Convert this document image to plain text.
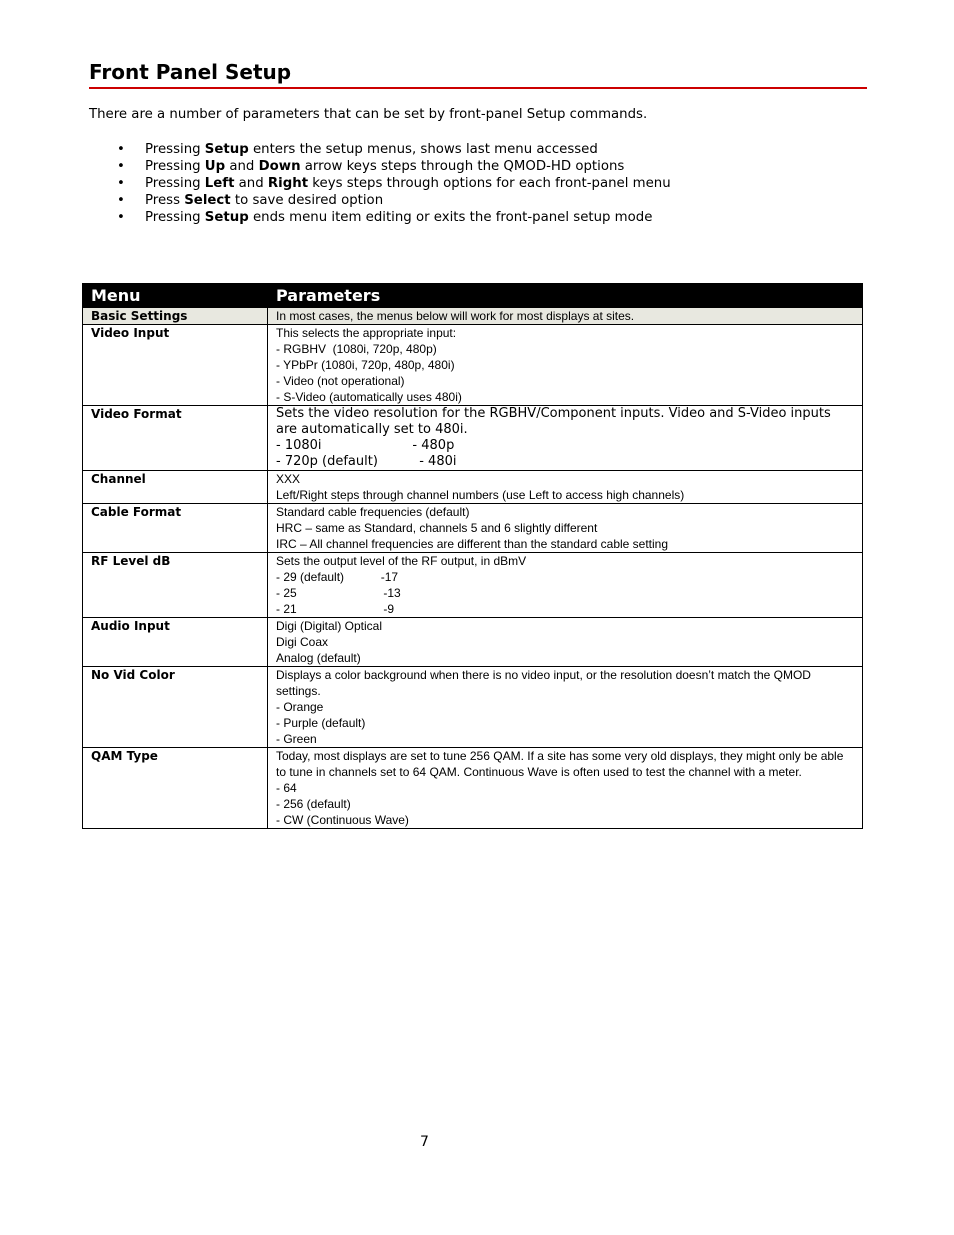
Front Panel Setup

There are a number of parameters that can be set by front-panel Setup commands.

• Pressing Setup enters the setup menus, shows last menu accessed
• Pressing Up and Down arrow keys steps through the QMOD-HD options
• Pressing Left and Right keys steps through options for each front-panel menu
• Press Select to save desired option
• Pressing Setup ends menu item editing or exits the front-panel setup mode
Menu	Parameters
Basic Settings	In most cases, the menus below will work for most displays at sites.
Video Input	This selects the appropriate input:
- RGBHV  (1080i, 720p, 480p)
- YPbPr (1080i, 720p, 480p, 480i)
- Video (not operational)
- S-Video (automatically uses 480i)

Video Format	Sets the video resolution for the RGBHV/Component inputs. Video and S-Video inputs are automatically set to 480i.
- 1080i                      - 480p
- 720p (default)          - 480i

Channel	XXX
Left/Right steps through channel numbers (use Left to access high channels)

Cable Format	Standard cable frequencies (default)
HRC – same as Standard, channels 5 and 6 slightly different
IRC – All channel frequencies are different than the standard cable setting

RF Level dB	Sets the output level of the RF output, in dBmV
- 29 (default)           -17
- 25                          -13
- 21                          -9

Audio Input	Digi (Digital) Optical
Digi Coax
Analog (default)

No Vid Color	Displays a color background when there is no video input, or the resolution doesn’t match the QMOD settings.
- Orange
- Purple (default)
- Green

QAM Type	Today, most displays are set to tune 256 QAM. If a site has some very old displays, they might only be able to tune in channels set to 64 QAM. Continuous Wave is often used to test the channel with a meter.
- 64
- 256 (default)
- CW (Continuous Wave)
7
